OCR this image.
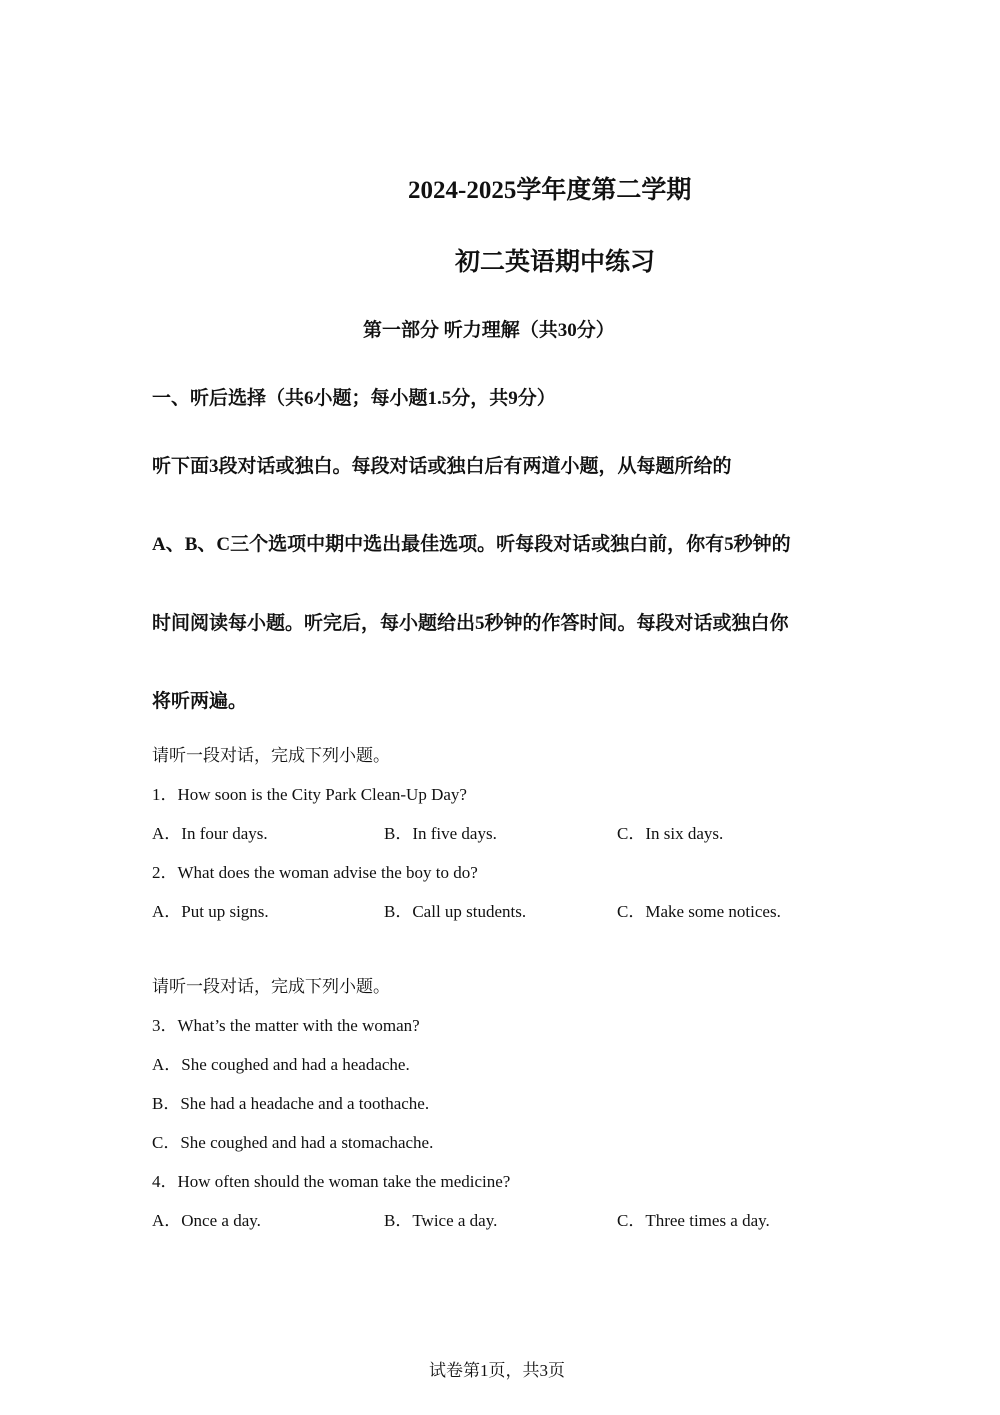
2024-2025学年度第二学期
初二英语期中练习
第一部分 听力理解（共30分）
一、听后选择（共6小题；每小题1.5分，共9分）
听下面3段对话或独白。每段对话或独白后有两道小题，从每题所给的
A、B、C三个选项中期中选出最佳选项。听每段对话或独白前，你有5秒钟的
时间阅读每小题。听完后，每小题给出5秒钟的作答时间。每段对话或独白你
将听两遍。
请听一段对话，完成下列小题。
1．How soon is the City Park Clean-Up Day?
A．In four days.	B．In five days.	C．In six days.
2．What does the woman advise the boy to do?
A．Put up signs.	B．Call up students.	C．Make some notices.
请听一段对话，完成下列小题。
3．What’s the matter with the woman?
A．She coughed and had a headache.
B．She had a headache and a toothache.
C．She coughed and had a stomachache.
4．How often should the woman take the medicine?
A．Once a day.	B．Twice a day.	C．Three times a day.
试卷第1页，共3页
